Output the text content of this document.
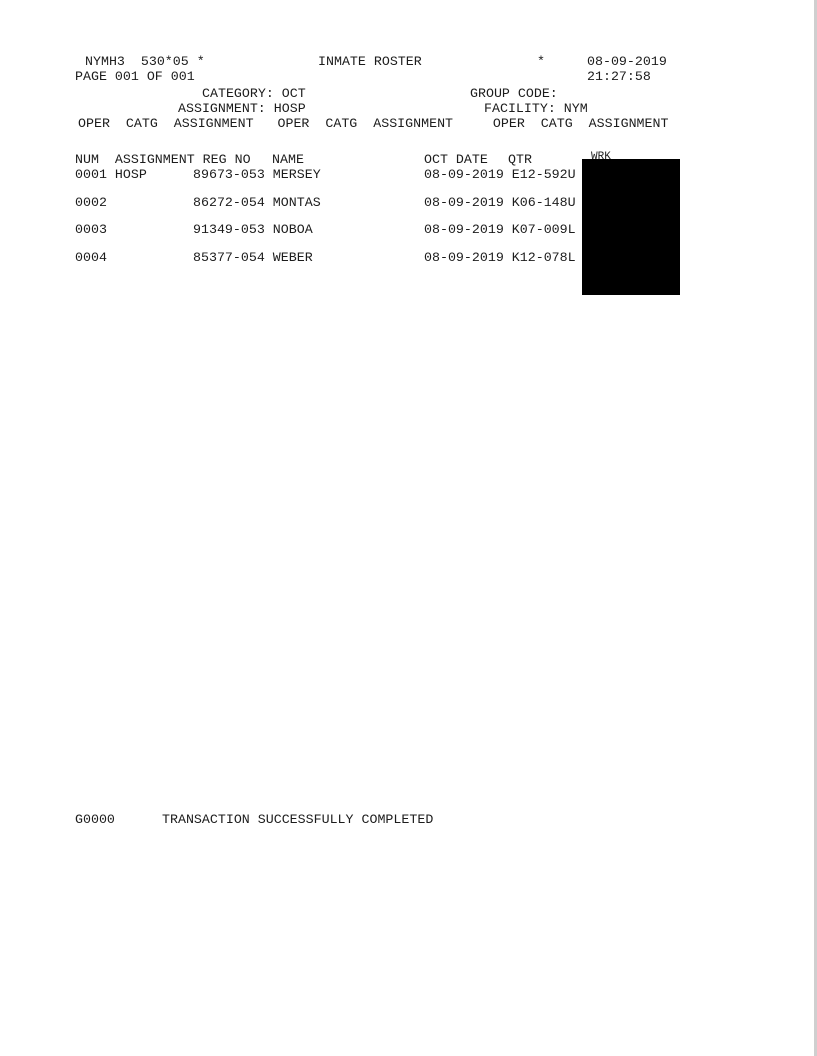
NYMH3  530*05 *	INMATE ROSTER	*	08-09-2019
PAGE 001 OF 001	21:27:58
CATEGORY: OCT	GROUP CODE:
ASSIGNMENT: HOSP	FACILITY: NYM
OPER  CATG  ASSIGNMENT   OPER  CATG  ASSIGNMENT     OPER  CATG  ASSIGNMENT
NUM  ASSIGNMENT REG NO NAME	OCT DATE QTR
0001 HOSP	89673-053 MERSEY	08-09-2019 E12-592U
0002	86272-054 MONTAS	08-09-2019 K06-148U
0003	91349-053 NOBOA	08-09-2019 K07-009L
0004	85377-054 WEBER	08-09-2019 K12-078L
WRK
G0000	TRANSACTION SUCCESSFULLY COMPLETED
